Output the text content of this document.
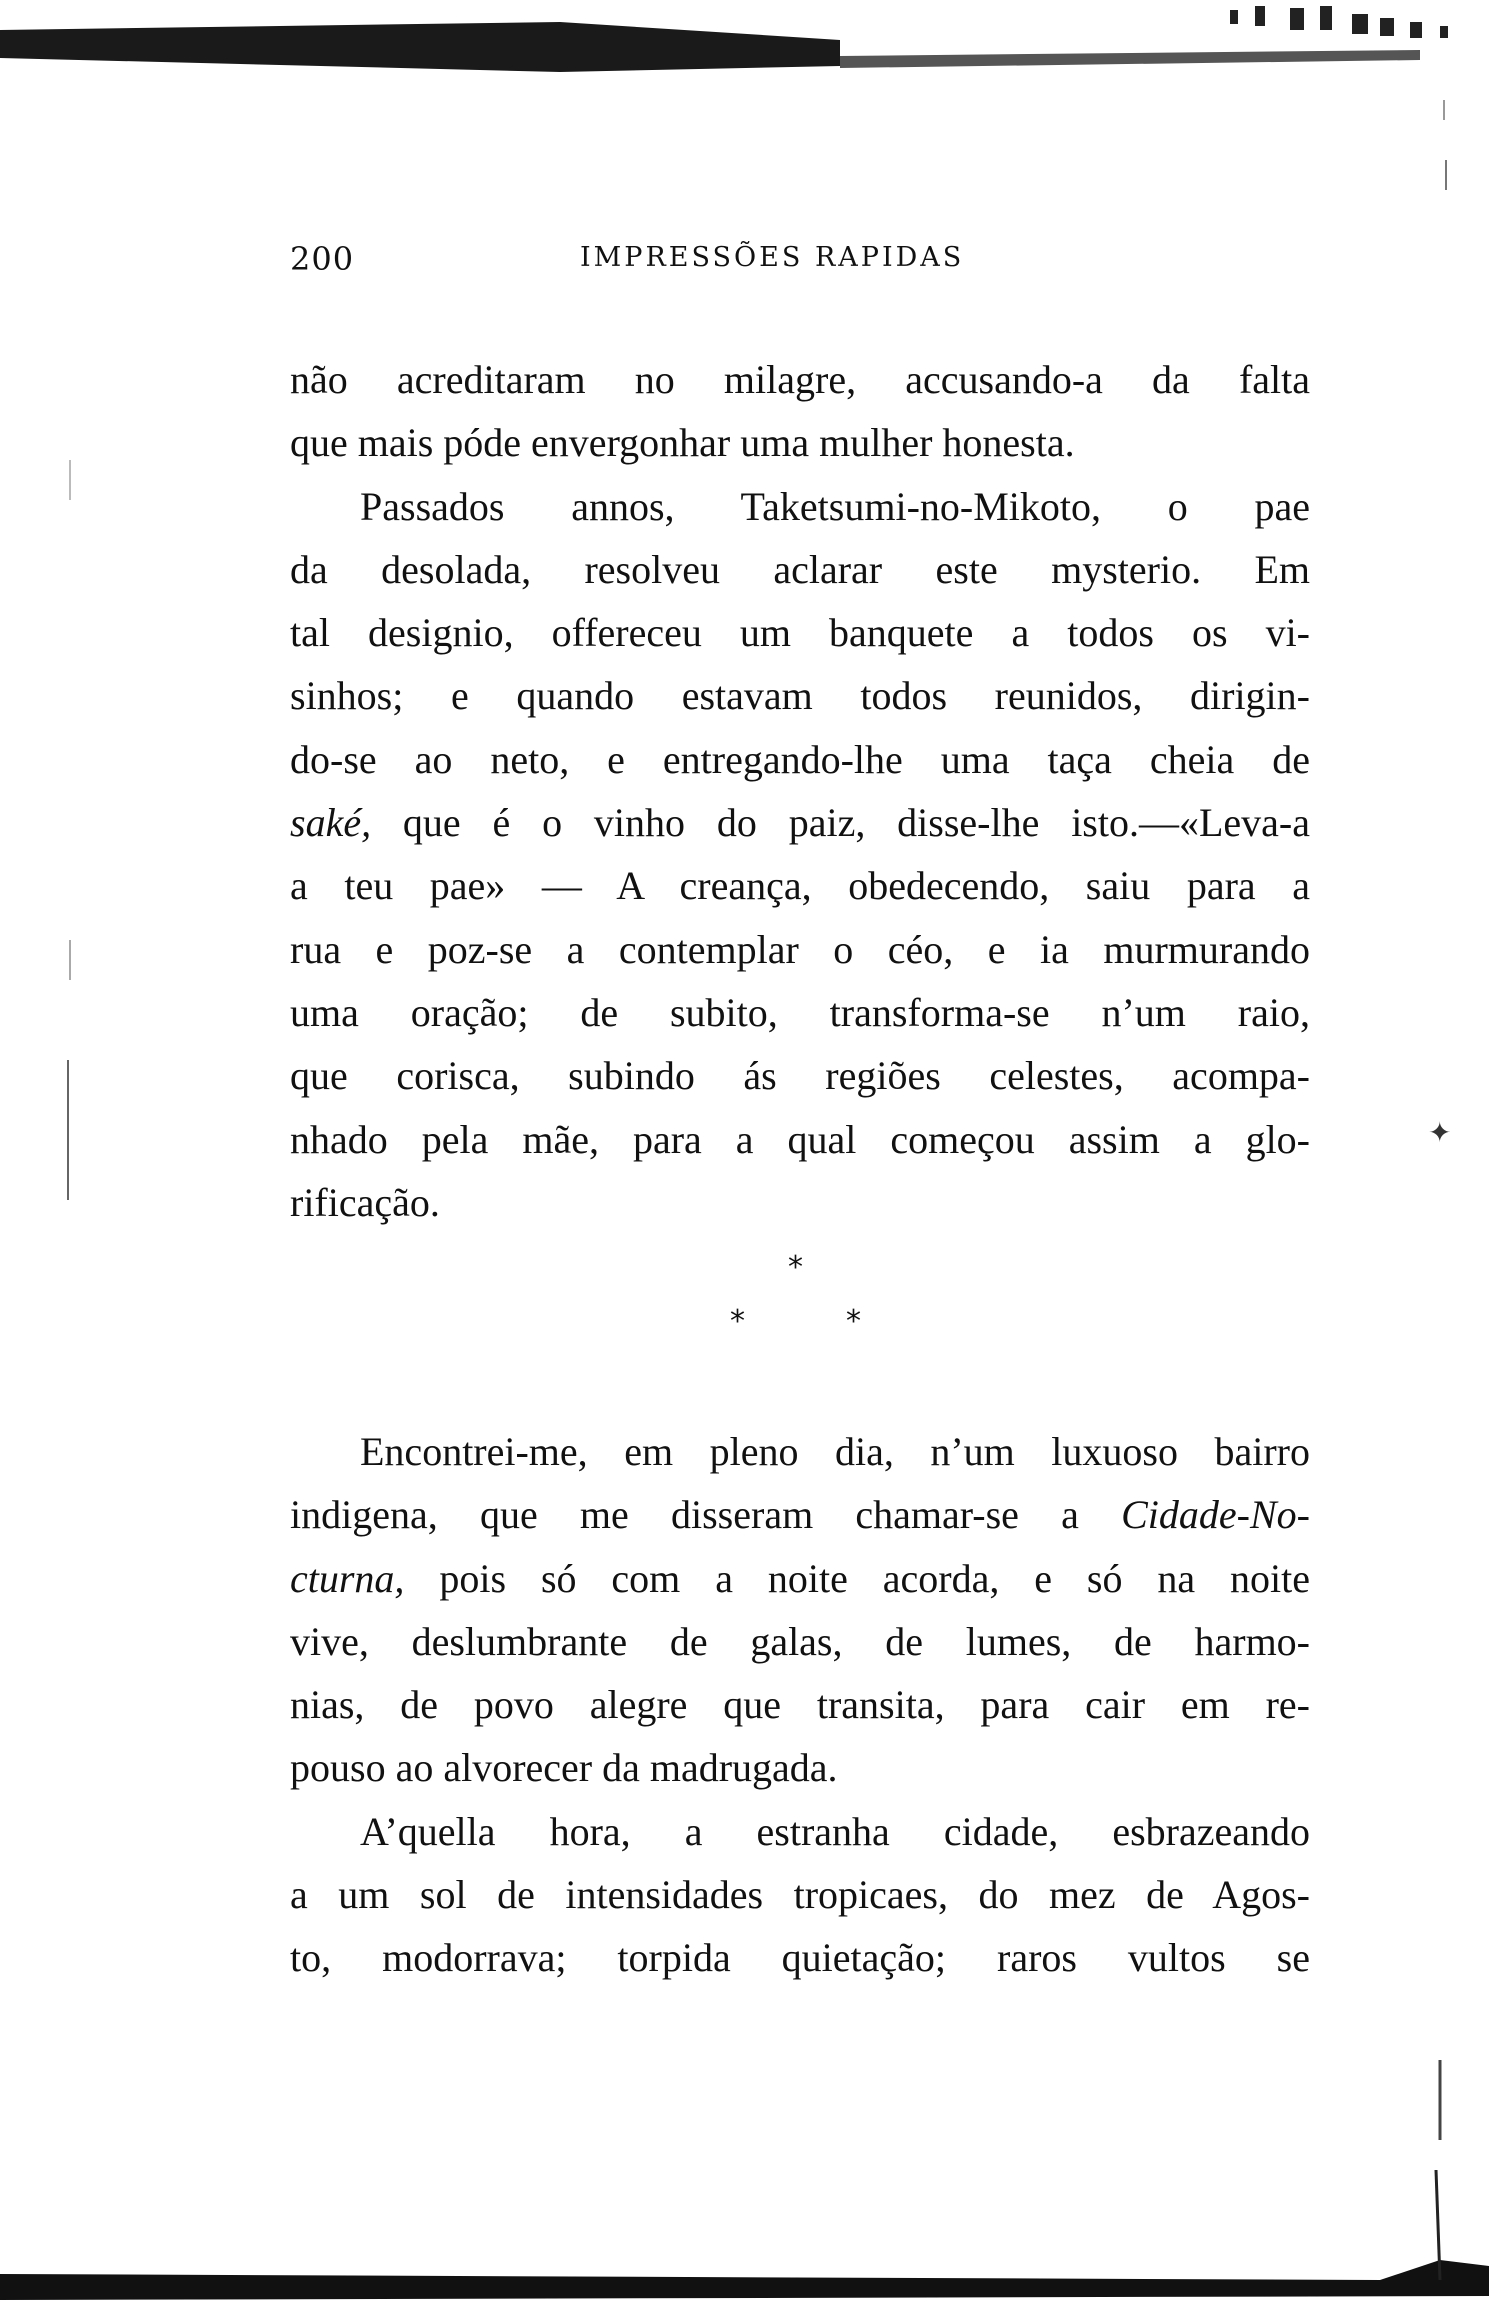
✦
200	IMPRESSÕES RAPIDAS
não acreditaram no milagre, accusando-a da falta
que mais póde envergonhar uma mulher honesta.
Passados annos, Taketsumi-no-Mikoto, o pae
da desolada, resolveu aclarar este mysterio. Em
tal designio, offereceu um banquete a todos os vi-
sinhos; e quando estavam todos reunidos, dirigin-
do-se ao neto, e entregando-lhe uma taça cheia de
saké, que é o vinho do paiz, disse-lhe isto.—«Leva-a
a teu pae» — A creança, obedecendo, saiu para a
rua e poz-se a contemplar o céo, e ia murmurando
uma oração; de subito, transforma-se n’um raio,
que corisca, subindo ás regiões celestes, acompa-
nhado pela mãe, para a qual começou assim a glo-
rificação.
*
*	*
Encontrei-me, em pleno dia, n’um luxuoso bairro
indigena, que me disseram chamar-se a Cidade-No-
cturna, pois só com a noite acorda, e só na noite
vive, deslumbrante de galas, de lumes, de harmo-
nias, de povo alegre que transita, para cair em re-
pouso ao alvorecer da madrugada.
A’quella hora, a estranha cidade, esbrazeando
a um sol de intensidades tropicaes, do mez de Agos-
to, modorrava; torpida quietação; raros vultos se
